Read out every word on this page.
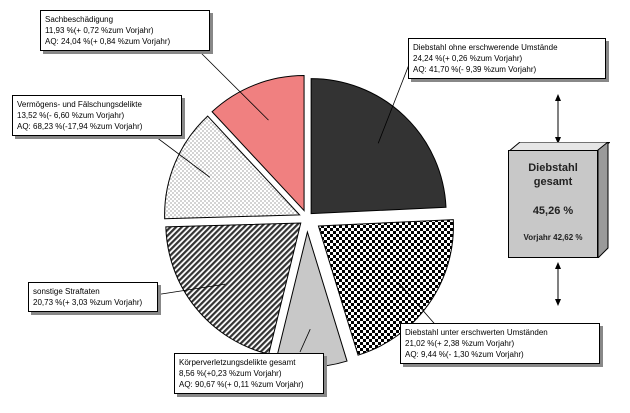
Sachbeschädigung
11,93 %(+ 0,72 %zum Vorjahr)
AQ: 24,04 %(+ 0,84 %zum Vorjahr)
Diebstahl ohne erschwerende Umstände
24,24 %(+ 0,26 %zum Vorjahr)
AQ: 41,70 %(- 9,39 %zum Vorjahr)
Vermögens- und Fälschungsdelikte
13,52 %(- 6,60 %zum Vorjahr)
AQ: 68,23 %(-17,94 %zum Vorjahr)
sonstige Straftaten
20,73 %(+ 3,03 %zum Vorjahr)
Körperverletzungsdelikte gesamt
8,56 %(+0,23 %zum Vorjahr)
AQ: 90,67 %(+ 0,11 %zum Vorjahr)
Diebstahl unter erschwerten Umständen
21,02 %(+ 2,38 %zum Vorjahr)
AQ: 9,44 %(- 1,30 %zum Vorjahr)
Diebstahl
gesamt
45,26 %
Vorjahr 42,62 %
